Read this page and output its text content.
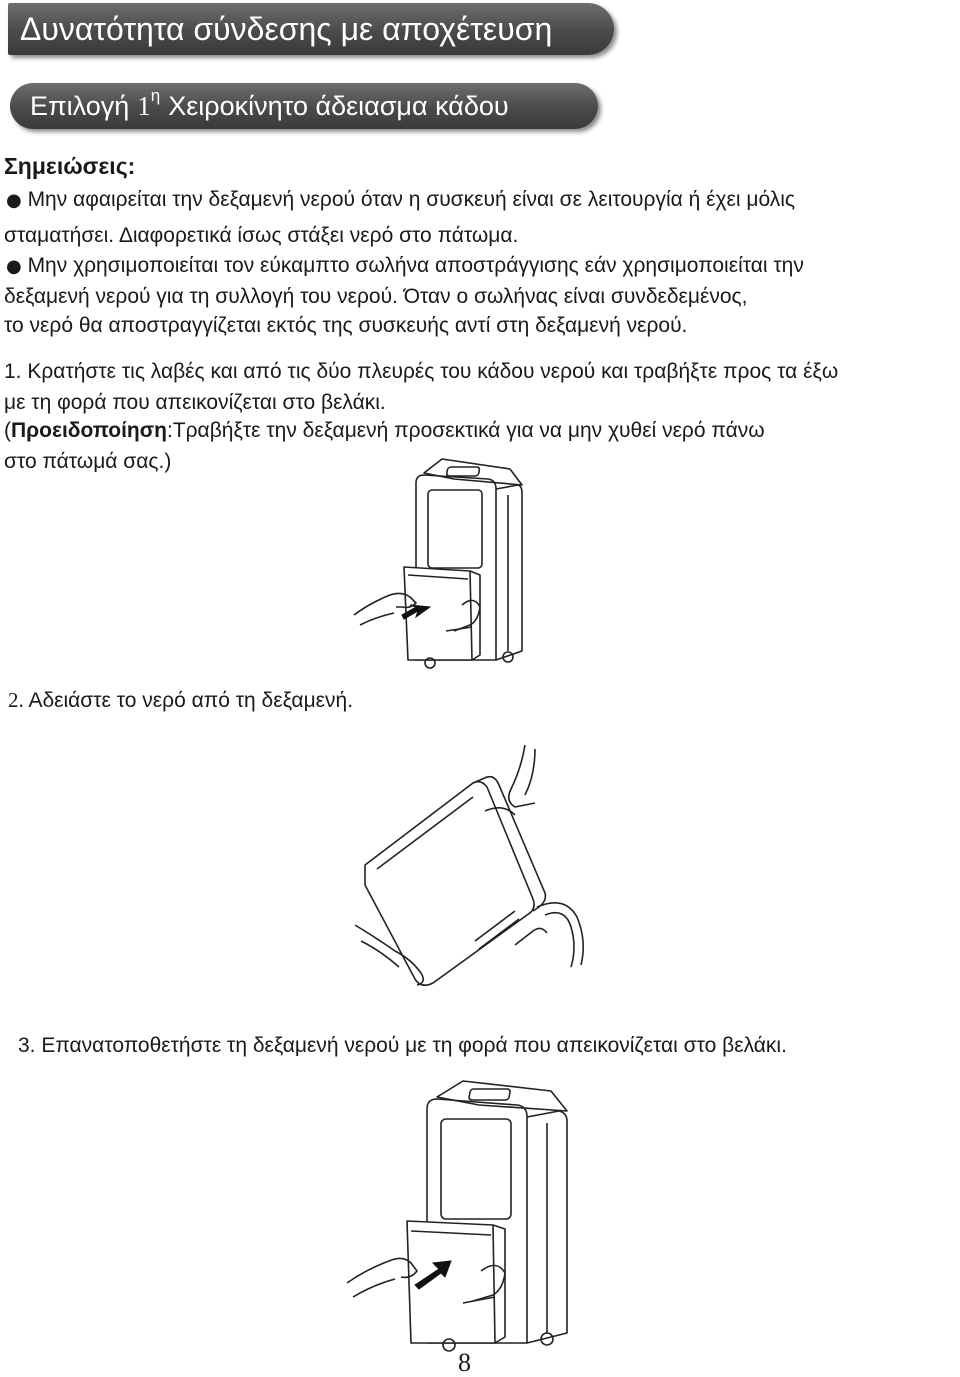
Δυνατότητα σύνδεσης με αποχέτευση
Επιλογή $1^\eta$ Χειροκίνητο άδειασμα κάδου
Σημειώσεις:
● Μην αφαιρείται την δεξαμενή νερού όταν η συσκευή είναι σε λειτουργία ή έχει μόλις
σταματήσει. Διαφορετικά ίσως στάξει νερό στο πάτωμα.
● Μην χρησιμοποιείται τον εύκαμπτο σωλήνα αποστράγγισης εάν χρησιμοποιείται την
δεξαμενή νερού για τη συλλογή του νερού. Όταν ο σωλήνας είναι συνδεδεμένος,
το νερό θα αποστραγγίζεται εκτός της συσκευής αντί στη δεξαμενή νερού.
1. Κρατήστε τις λαβές και από τις δύο πλευρές του κάδου νερού και τραβήξτε προς τα έξω
με τη φορά που απεικονίζεται στο βελάκι.
(Προειδοποίηση:Τραβήξτε την δεξαμενή προσεκτικά για να μην χυθεί νερό πάνω
στο πάτωμά σας.)
2. Αδειάστε το νερό από τη δεξαμενή.
3. Επανατοποθετήστε τη δεξαμενή νερού με τη φορά που απεικονίζεται στο βελάκι.
8
